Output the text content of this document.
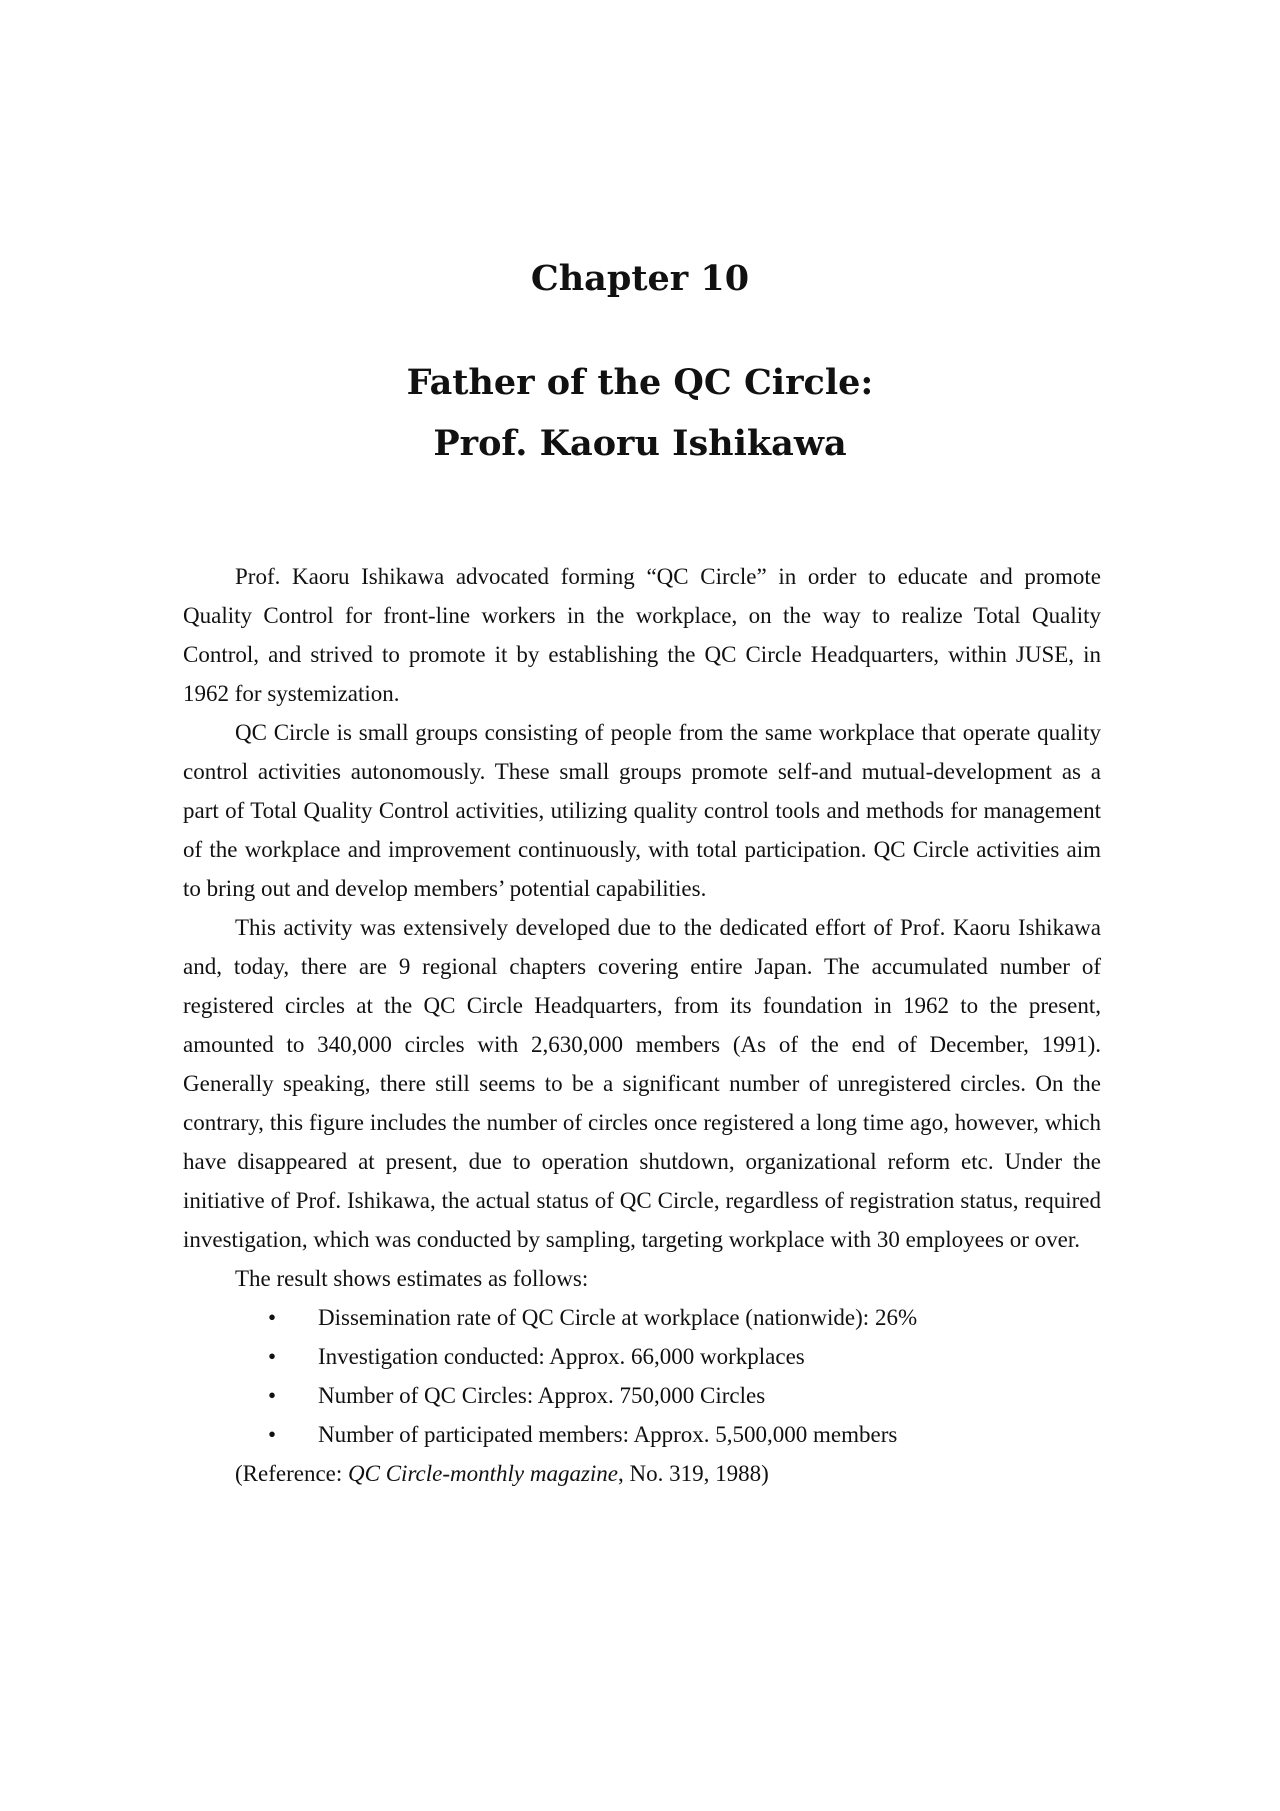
Chapter 10
Father of the QC Circle:
Prof. Kaoru Ishikawa

Prof. Kaoru Ishikawa advocated forming “QC Circle” in order to educate and promote Quality Control for front-line workers in the workplace, on the way to realize Total Quality Control, and strived to promote it by establishing the QC Circle Headquarters, within JUSE, in 1962 for systemization.

QC Circle is small groups consisting of people from the same workplace that operate quality control activities autonomously. These small groups promote self-and mutual-development as a part of Total Quality Control activities, utilizing quality control tools and methods for management of the workplace and improvement continuously, with total participation. QC Circle activities aim to bring out and develop members’ potential capabilities.

This activity was extensively developed due to the dedicated effort of Prof. Kaoru Ishikawa and, today, there are 9 regional chapters covering entire Japan. The accumulated number of registered circles at the QC Circle Headquarters, from its foundation in 1962 to the present, amounted to 340,000 circles with 2,630,000 members (As of the end of December, 1991). Generally speaking, there still seems to be a significant number of unregistered circles. On the contrary, this figure includes the number of circles once registered a long time ago, however, which have disappeared at present, due to operation shutdown, organizational reform etc. Under the initiative of Prof. Ishikawa, the actual status of QC Circle, regardless of registration status, required investigation, which was conducted by sampling, targeting workplace with 30 employees or over.

The result shows estimates as follows:
• Dissemination rate of QC Circle at workplace (nationwide): 26%
• Investigation conducted: Approx. 66,000 workplaces
• Number of QC Circles: Approx. 750,000 Circles
• Number of participated members: Approx. 5,500,000 members
(Reference: QC Circle-monthly magazine, No. 319, 1988)
